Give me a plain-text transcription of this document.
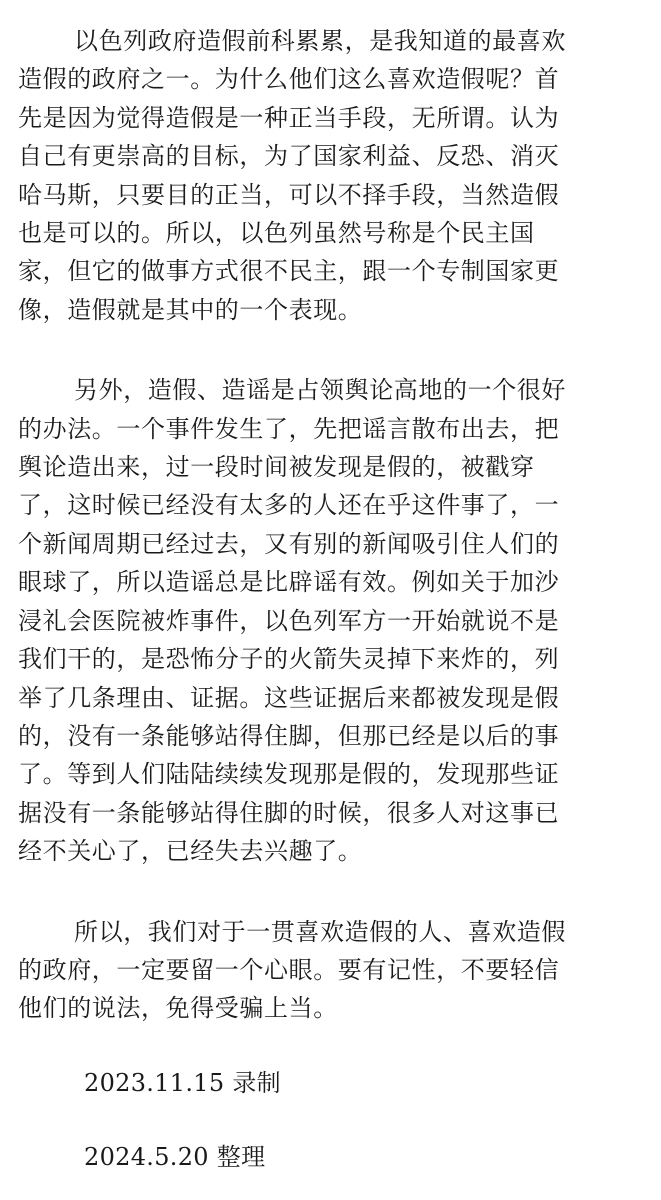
以色列政府造假前科累累，是我知道的最喜欢
造假的政府之一。为什么他们这么喜欢造假呢？首
先是因为觉得造假是一种正当手段，无所谓。认为
自己有更崇高的目标，为了国家利益、反恐、消灭
哈马斯，只要目的正当，可以不择手段，当然造假
也是可以的。所以，以色列虽然号称是个民主国
家，但它的做事方式很不民主，跟一个专制国家更
像，造假就是其中的一个表现。

另外，造假、造谣是占领舆论高地的一个很好
的办法。一个事件发生了，先把谣言散布出去，把
舆论造出来，过一段时间被发现是假的，被戳穿
了，这时候已经没有太多的人还在乎这件事了，一
个新闻周期已经过去，又有别的新闻吸引住人们的
眼球了，所以造谣总是比辟谣有效。例如关于加沙
浸礼会医院被炸事件，以色列军方一开始就说不是
我们干的，是恐怖分子的火箭失灵掉下来炸的，列
举了几条理由、证据。这些证据后来都被发现是假
的，没有一条能够站得住脚，但那已经是以后的事
了。等到人们陆陆续续发现那是假的，发现那些证
据没有一条能够站得住脚的时候，很多人对这事已
经不关心了，已经失去兴趣了。

所以，我们对于一贯喜欢造假的人、喜欢造假
的政府，一定要留一个心眼。要有记性，不要轻信
他们的说法，免得受骗上当。

2023.11.15 录制

2024.5.20 整理
